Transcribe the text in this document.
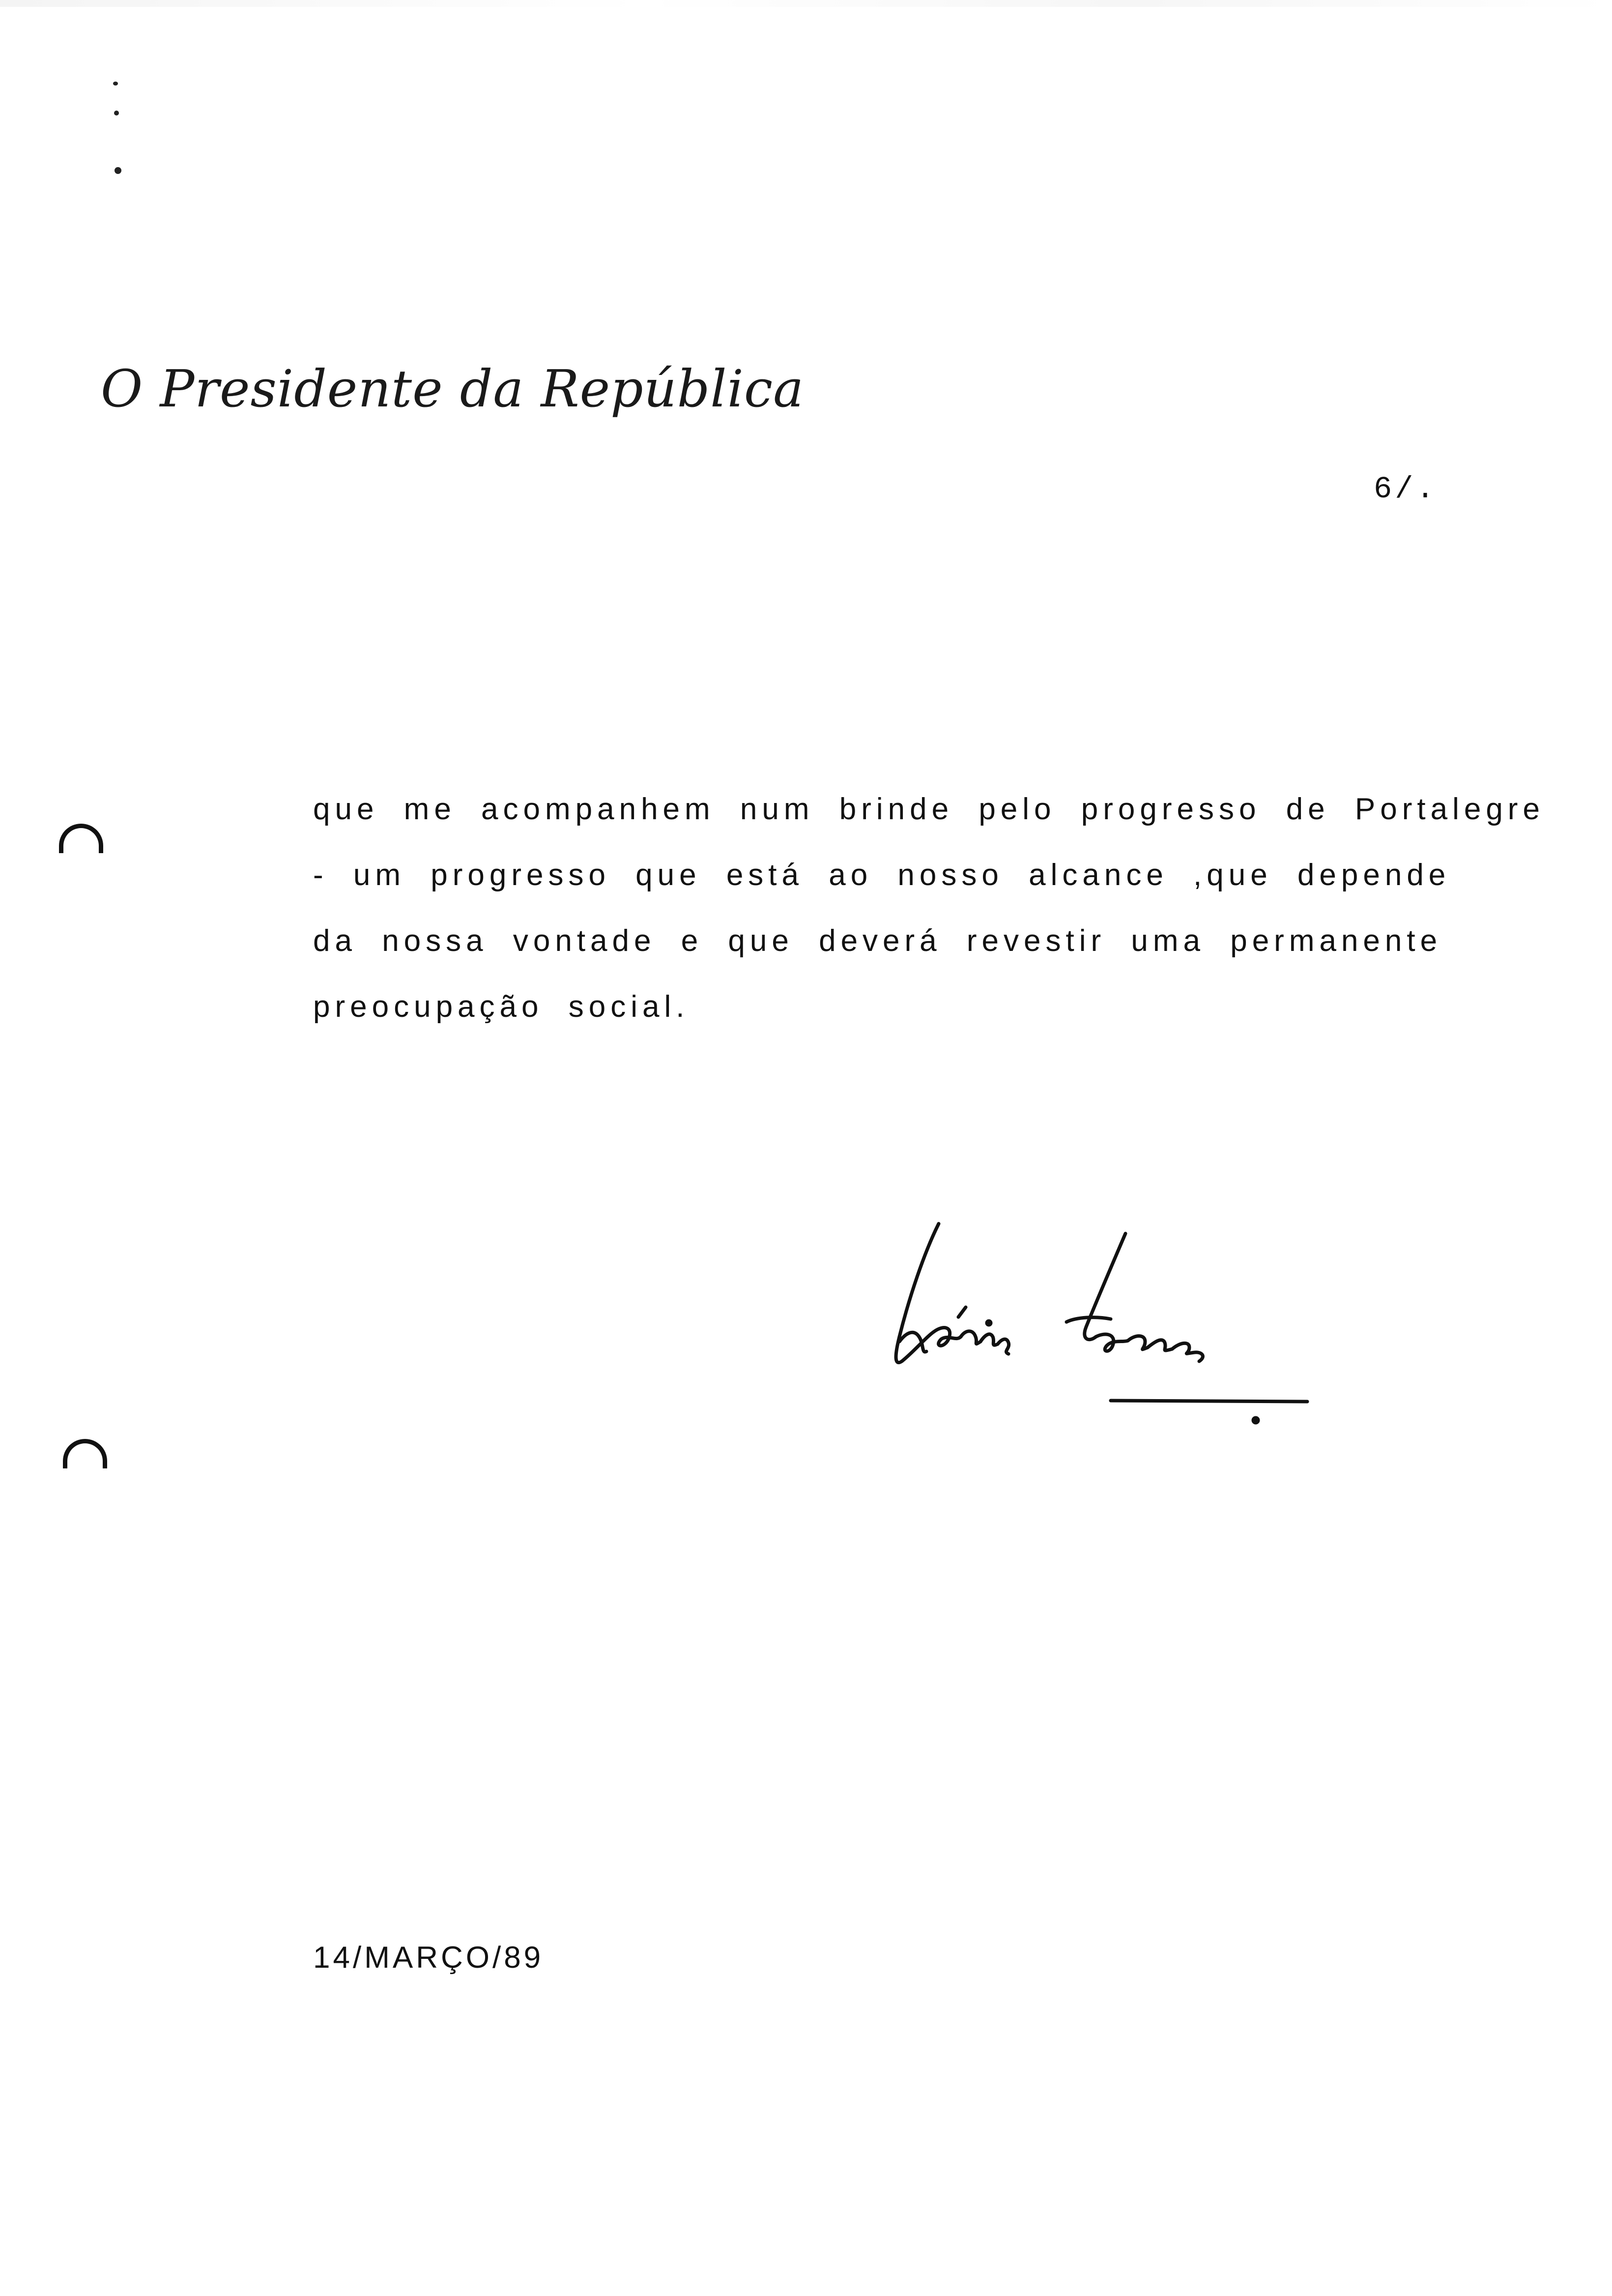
O Presidente da República
6/.
que me acompanhem num brinde pelo progresso de Portalegre
- um progresso que está ao nosso alcance ,que depende
da nossa vontade e que deverá revestir uma permanente
preocupação social.
14/MARÇO/89
